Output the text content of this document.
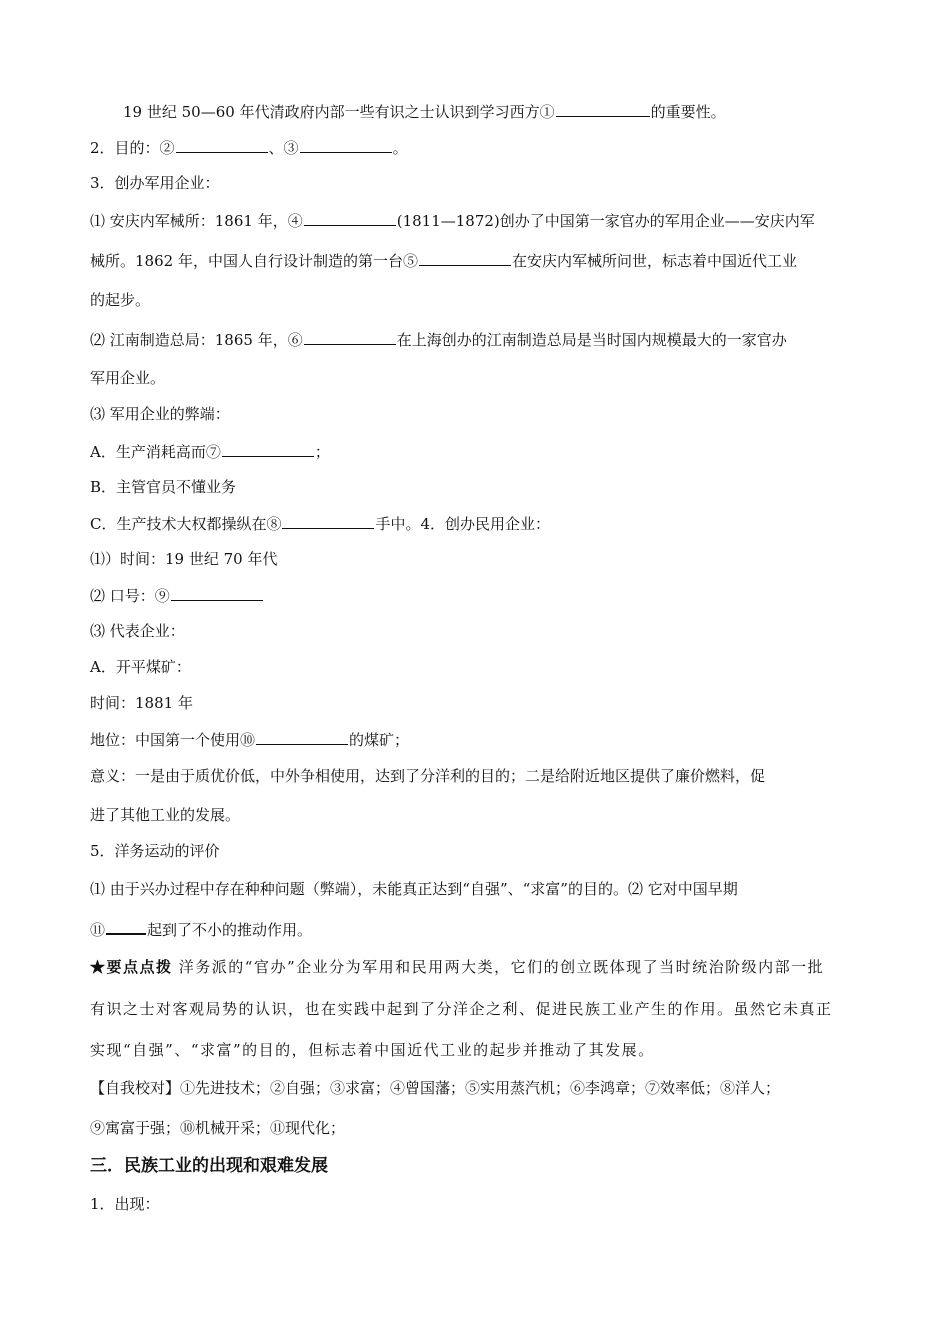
19 世纪 50—60 年代清政府内部一些有识之士认识到学习西方①	的重要性。
2．目的：②	、③	。
3．创办军用企业：
⑴ 安庆内军械所：1861 年，④	(1811—1872)创办了中国第一家官办的军用企业——安庆内军
械所。1862 年，中国人自行设计制造的第一台⑤	在安庆内军械所问世，标志着中国近代工业
的起步。
⑵ 江南制造总局：1865 年，⑥	在上海创办的江南制造总局是当时国内规模最大的一家官办
军用企业。
⑶ 军用企业的弊端：
A．生产消耗高而⑦	；
B．主管官员不懂业务
C．生产技术大权都操纵在⑧	手中。4．创办民用企业：
⑴）时间：19 世纪 70 年代
⑵ 口号：⑨
⑶ 代表企业：
A．开平煤矿：
时间：1881 年
地位：中国第一个使用⑩	的煤矿；
意义：一是由于质优价低，中外争相使用，达到了分洋利的目的；二是给附近地区提供了廉价燃料，促
进了其他工业的发展。
5．洋务运动的评价
⑴ 由于兴办过程中存在种种问题（弊端），未能真正达到“自强”、“求富”的目的。⑵ 它对中国早期
⑪	起到了不小的推动作用。
★要点点拨 洋务派的“官办”企业分为军用和民用两大类，它们的创立既体现了当时统治阶级内部一批
有识之士对客观局势的认识，也在实践中起到了分洋企之利、促进民族工业产生的作用。虽然它未真正
实现“自强”、“求富”的目的，但标志着中国近代工业的起步并推动了其发展。
【自我校对】①先进技术；②自强；③求富；④曾国藩；⑤实用蒸汽机；⑥李鸿章；⑦效率低；⑧洋人；
⑨寓富于强；⑩机械开采；⑪现代化；
三．民族工业的出现和艰难发展
1．出现：
